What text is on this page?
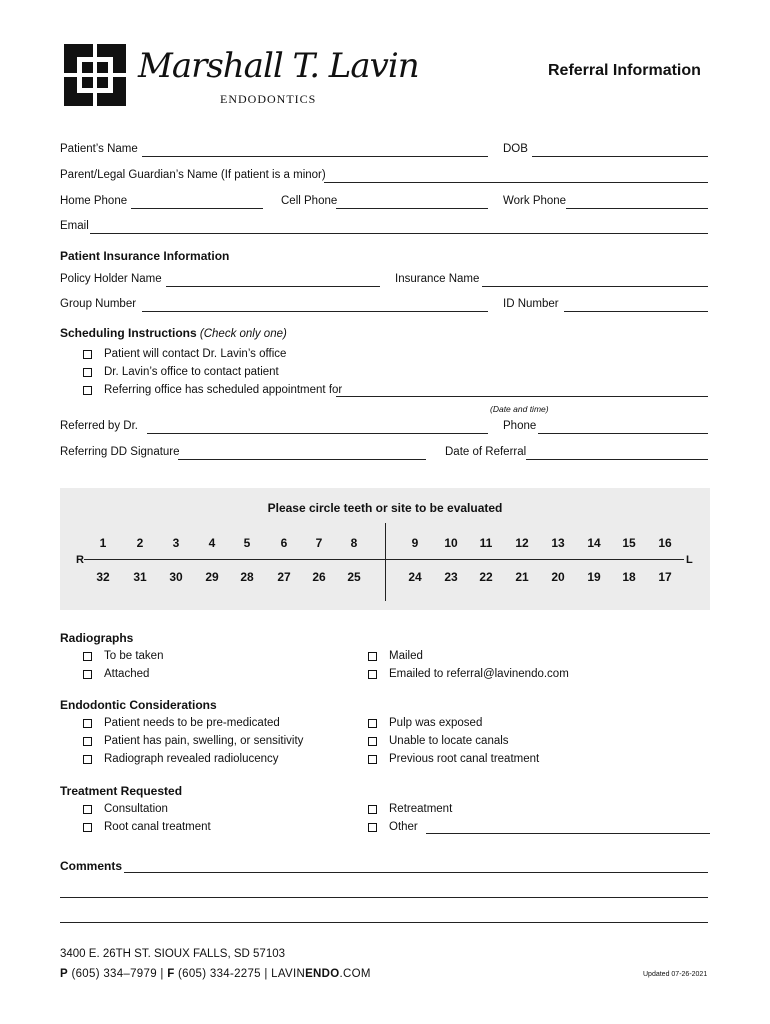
Marshall T. Lavin
ENDODONTICS
Referral Information
Patient’s Name	DOB
Parent/Legal Guardian’s Name (If patient is a minor)
Home Phone	Cell Phone	Work Phone
Email
Patient Insurance Information
Policy Holder Name	Insurance Name
Group Number	ID Number
Scheduling Instructions (Check only one)
Patient will contact Dr. Lavin’s office
Dr. Lavin’s office to contact patient
Referring office has scheduled appointment for
(Date and time)
Referred by Dr.	Phone
Referring DD Signature	Date of Referral
Please circle teeth or site to be evaluated
R	L
1	2	3	4	5	6	7	8	9	10	11	12	13	14	15	16
32	31	30	29	28	27	26	25	24	23	22	21	20	19	18	17
Radiographs
To be taken
Attached
Mailed
Emailed to referral@lavinendo.com
Endodontic Considerations
Patient needs to be pre-medicated
Patient has pain, swelling, or sensitivity
Radiograph revealed radiolucency
Pulp was exposed
Unable to locate canals
Previous root canal treatment
Treatment Requested
Consultation
Root canal treatment
Retreatment
Other
Comments
3400 E. 26TH ST. SIOUX FALLS, SD 57103
P (605) 334–7979 | F (605) 334-2275 | LAVINENDO.COM	Updated 07-26-2021
